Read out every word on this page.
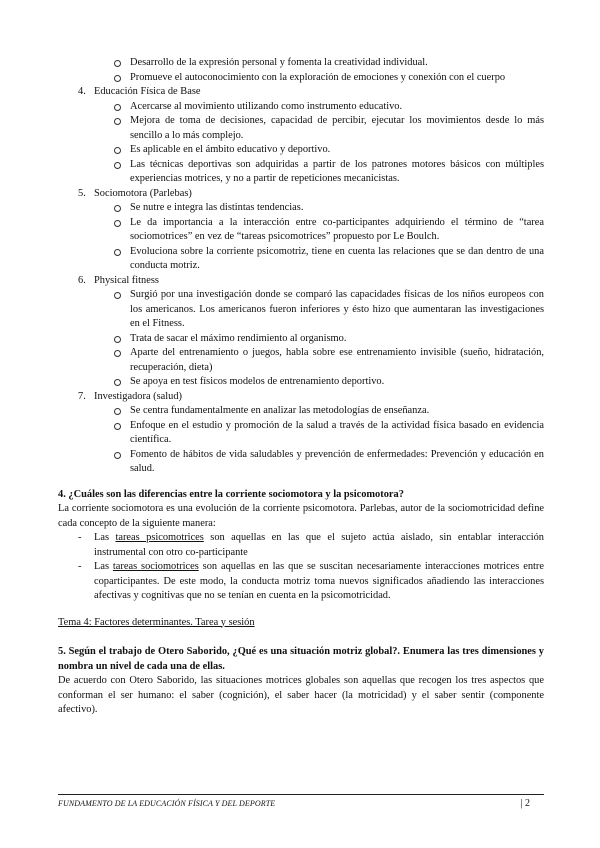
Desarrollo de la expresión personal y fomenta la creatividad individual.
Promueve el autoconocimiento con la exploración de emociones y conexión con el cuerpo
4. Educación Física de Base
Acercarse al movimiento utilizando como instrumento educativo.
Mejora de toma de decisiones, capacidad de percibir, ejecutar los movimientos desde lo más sencillo a lo más complejo.
Es aplicable en el ámbito educativo y deportivo.
Las técnicas deportivas son adquiridas a partir de los patrones motores básicos con múltiples experiencias motrices, y no a partir de repeticiones mecanicistas.
5. Sociomotora (Parlebas)
Se nutre e integra las distintas tendencias.
Le da importancia a la interacción entre co-participantes adquiriendo el término de “tarea sociomotrices” en vez de “tareas psicomotrices” propuesto por Le Boulch.
Evoluciona sobre la corriente psicomotriz, tiene en cuenta las relaciones que se dan dentro de una conducta motriz.
6. Physical fitness
Surgió por una investigación donde se comparó las capacidades físicas de los niños europeos con los americanos. Los americanos fueron inferiores y ésto hizo que aumentaran las investigaciones en el Fitness.
Trata de sacar el máximo rendimiento al organismo.
Aparte del entrenamiento o juegos, habla sobre ese entrenamiento invisible (sueño, hidratación, recuperación, dieta)
Se apoya en test físicos modelos de entrenamiento deportivo.
7. Investigadora (salud)
Se centra fundamentalmente en analizar las metodologías de enseñanza.
Enfoque en el estudio y promoción de la salud a través de la actividad física basado en evidencia científica.
Fomento de hábitos de vida saludables y prevención de enfermedades: Prevención y educación en salud.

4. ¿Cuáles son las diferencias entre la corriente sociomotora y la psicomotora?

La corriente sociomotora es una evolución de la corriente psicomotora. Parlebas, autor de la sociomotricidad define cada concepto de la siguiente manera:

- Las tareas psicomotrices son aquellas en las que el sujeto actúa aislado, sin entablar interacción instrumental con otro co-participante
- Las tareas sociomotrices son aquellas en las que se suscitan necesariamente interacciones motrices entre coparticipantes. De este modo, la conducta motriz toma nuevos significados añadiendo las interacciones afectivas y cognitivas que no se tenían en cuenta en la psicomotricidad.

Tema 4: Factores determinantes. Tarea y sesión

5. Según el trabajo de Otero Saborido, ¿Qué es una situación motriz global?. Enumera las tres dimensiones y nombra un nivel de cada una de ellas.

De acuerdo con Otero Saborido, las situaciones motrices globales son aquellas que recogen los tres aspectos que conforman el ser humano: el saber (cognición), el saber hacer (la motricidad) y el saber sentir (componente afectivo).

FUNDAMENTO DE LA EDUCACIÓN FÍSICA Y DEL DEPORTE	| 2
